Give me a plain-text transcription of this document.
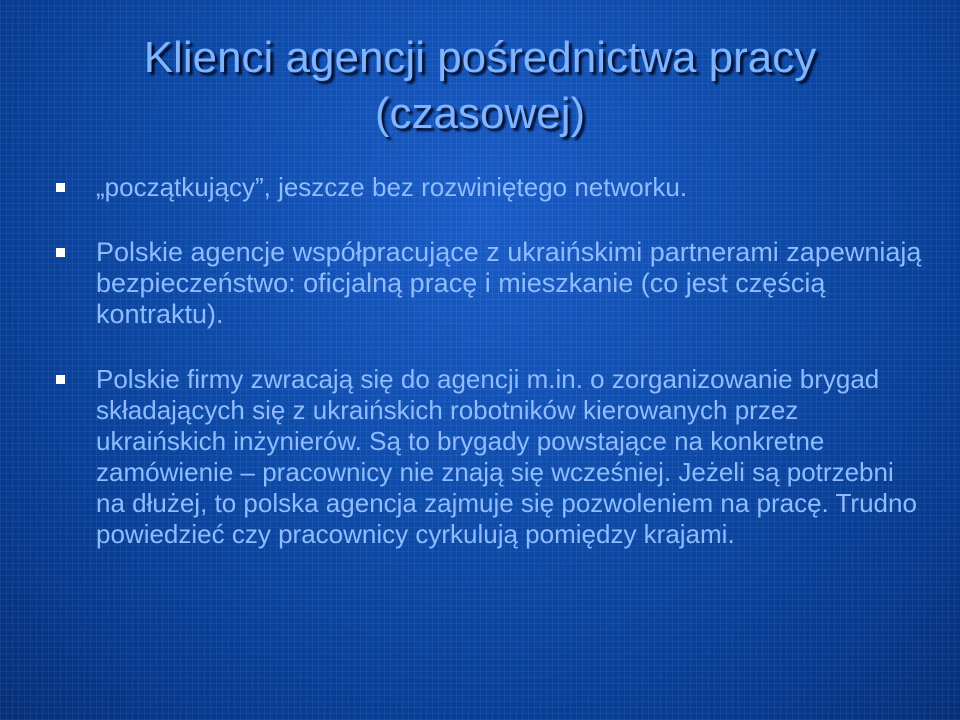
Klienci agencji pośrednictwa pracy
(czasowej)
„początkujący”, jeszcze bez rozwiniętego networku.
Polskie agencje współpracujące z ukraińskimi partnerami zapewniają bezpieczeństwo: oficjalną pracę i mieszkanie (co jest częścią kontraktu).
Polskie firmy zwracają się do agencji m.in. o zorganizowanie brygad składających się z ukraińskich robotników kierowanych przez ukraińskich inżynierów. Są to brygady powstające na konkretne zamówienie – pracownicy nie znają się wcześniej. Jeżeli są potrzebni na dłużej, to polska agencja zajmuje się pozwoleniem na pracę. Trudno powiedzieć czy pracownicy cyrkulują pomiędzy krajami.
